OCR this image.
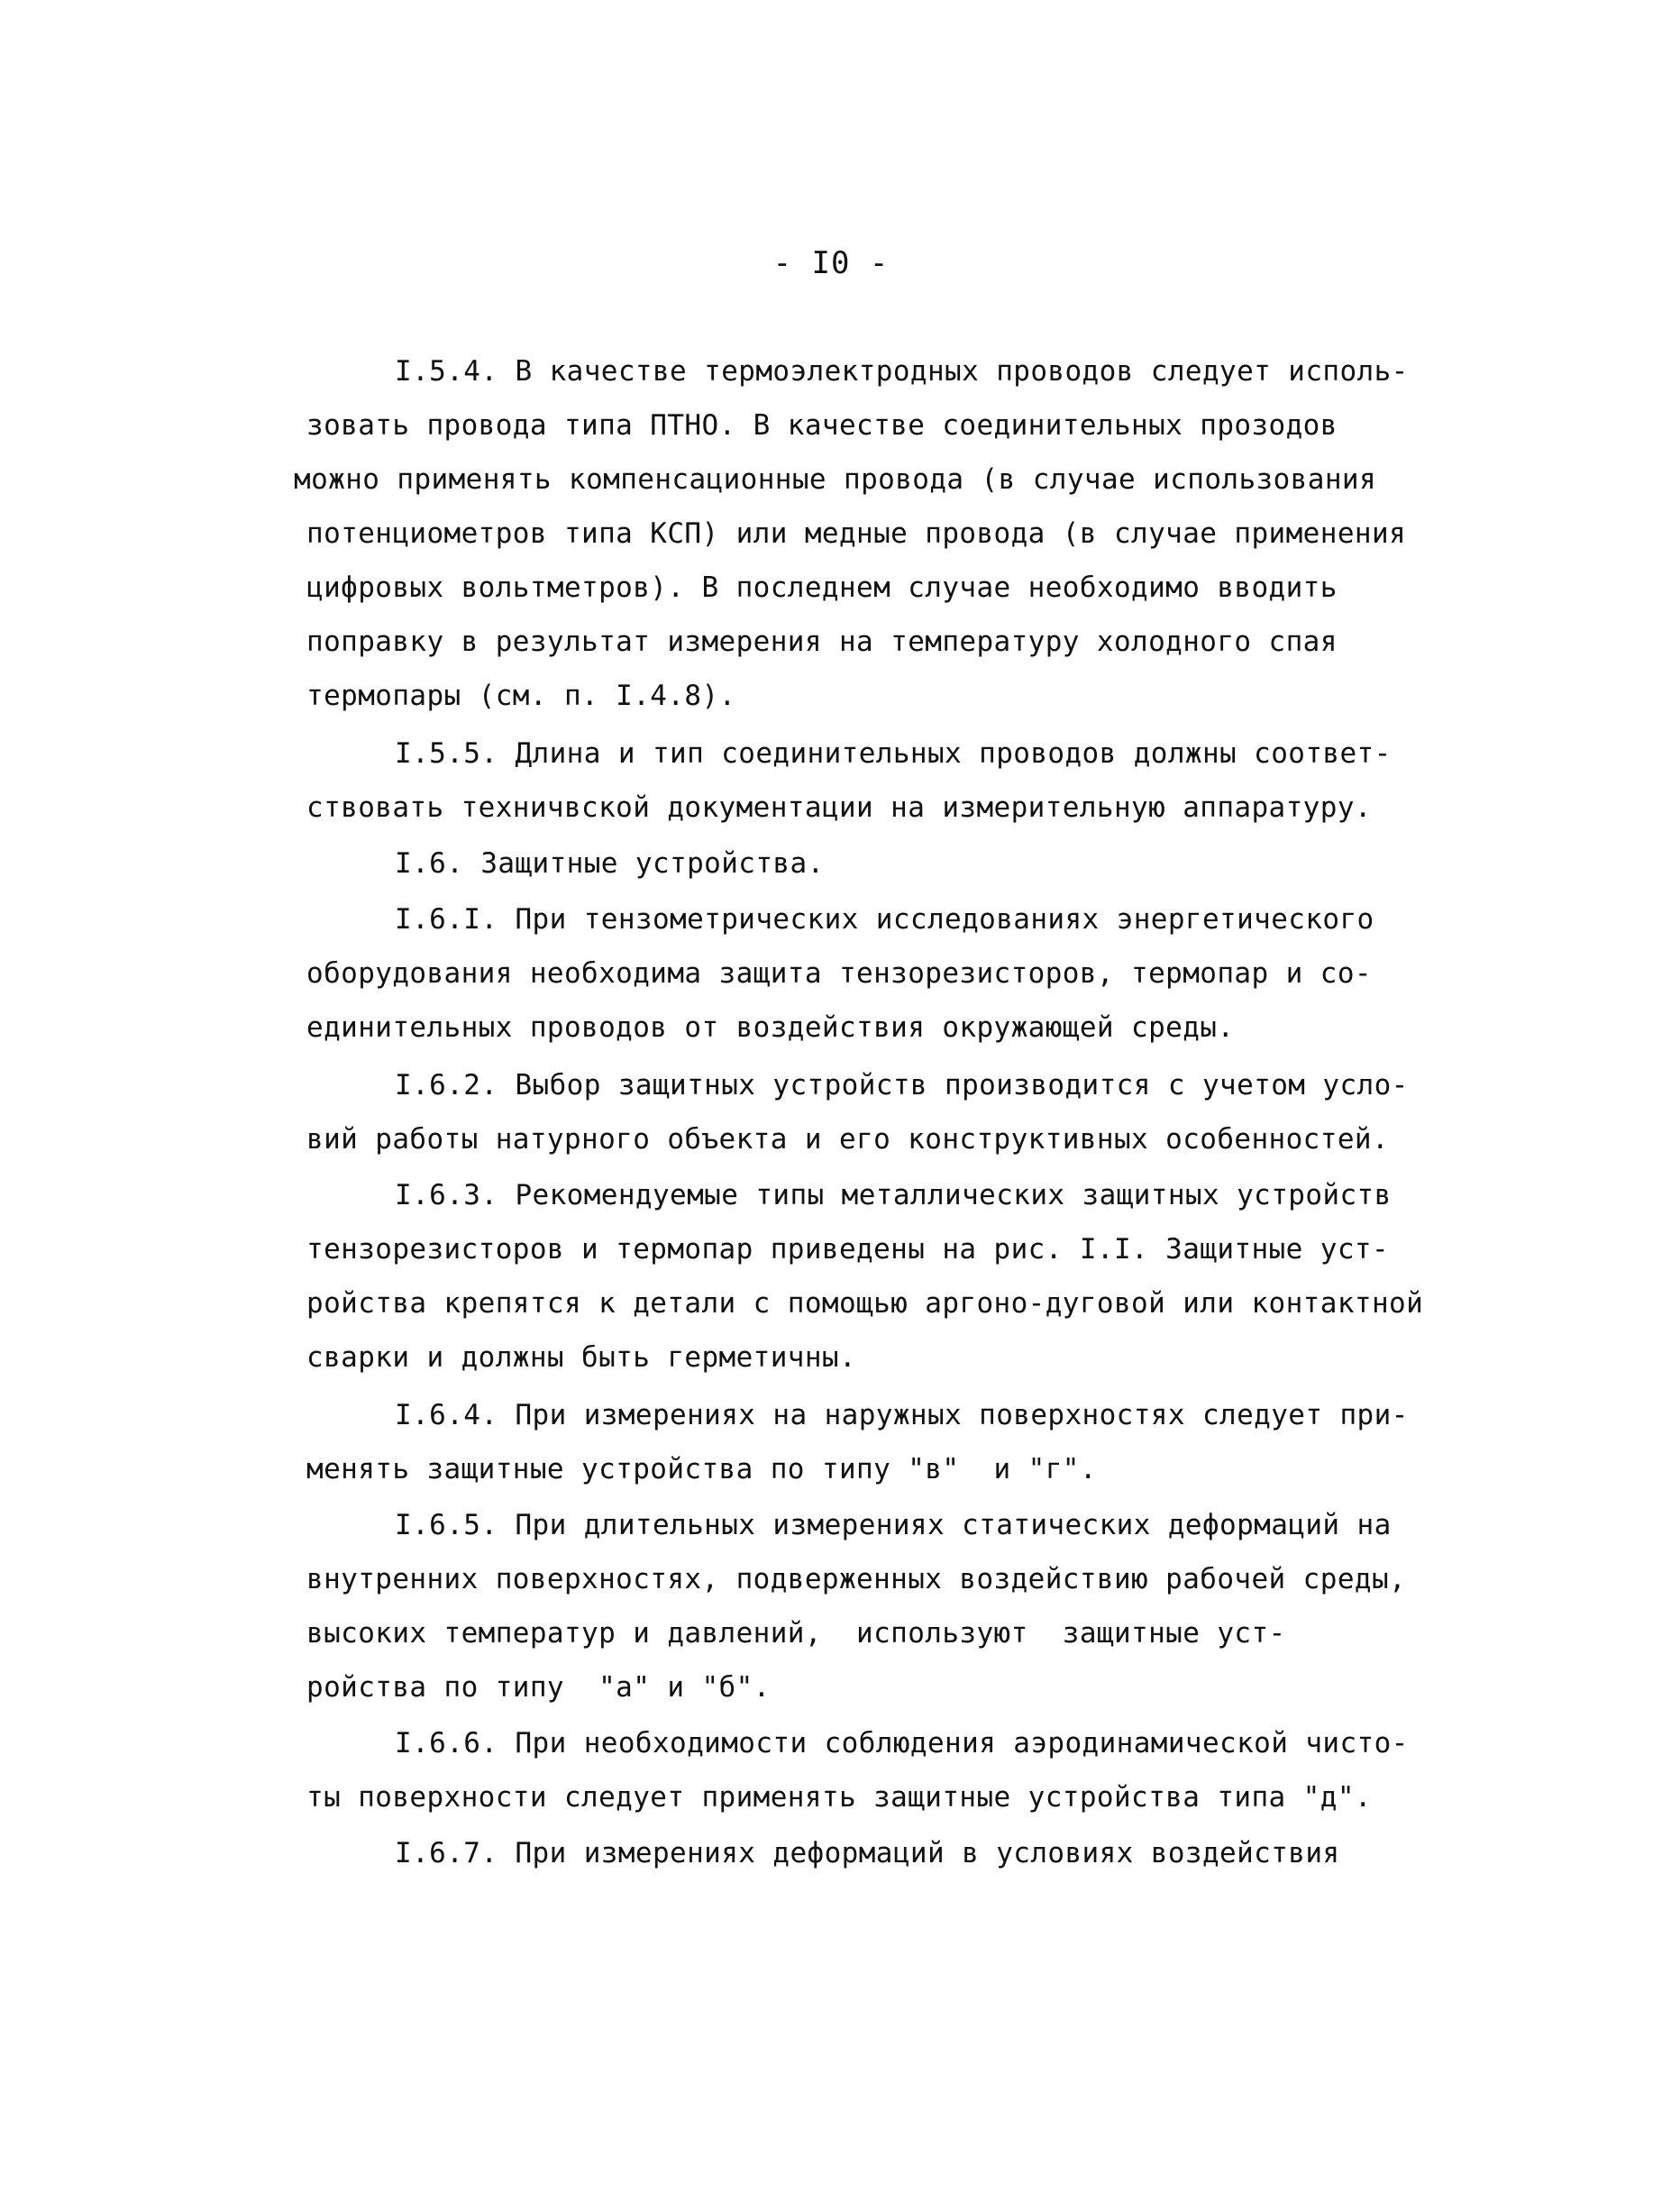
- I0 -
I.5.4. В качестве термоэлектродных проводов следует исполь-
зовать провода типа ПТНО. В качестве соединительных прозодов
можно применять компенсационные провода (в случае использования
потенциометров типа КСП) или медные провода (в случае применения
цифровых вольтметров). В последнем случае необходимо вводить
поправку в результат измерения на температуру холодного спая
термопары (см. п. I.4.8).
I.5.5. Длина и тип соединительных проводов должны соответ-
ствовать техничвской документации на измерительную аппаратуру.
I.6. Защитные устройства.
I.6.I. При тензометрических исследованиях энергетического
оборудования необходима защита тензорезисторов, термопар и со-
единительных проводов от воздействия окружающей среды.
I.6.2. Выбор защитных устройств производится с учетом усло-
вий работы натурного объекта и его конструктивных особенностей.
I.6.3. Рекомендуемые типы металлических защитных устройств
тензорезисторов и термопар приведены на рис. I.I. Защитные уст-
ройства крепятся к детали с помощью аргоно-дуговой или контактной
сварки и должны быть герметичны.
I.6.4. При измерениях на наружных поверхностях следует при-
менять защитные устройства по типу "в"  и "г".
I.6.5. При длительных измерениях статических деформаций на
внутренних поверхностях, подверженных воздействию рабочей среды,
высоких температур и давлений,  используют  защитные уст-
ройства по типу  "а" и "б".
I.6.6. При необходимости соблюдения аэродинамической чисто-
ты поверхности следует применять защитные устройства типа "д".
I.6.7. При измерениях деформаций в условиях воздействия
